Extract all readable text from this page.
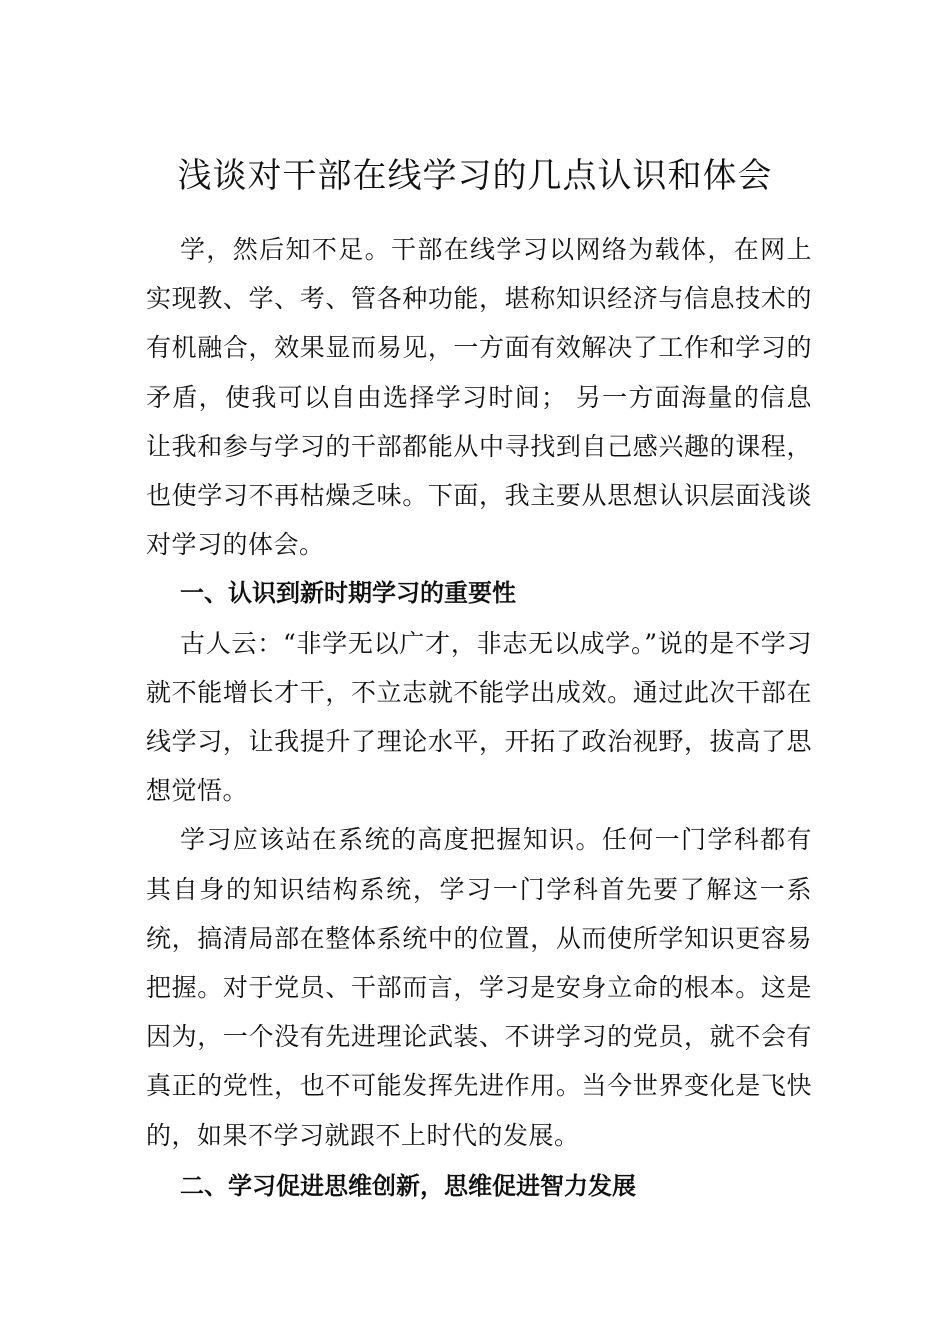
浅谈对干部在线学习的几点认识和体会

学，然后知不足。干部在线学习以网络为载体，在网上实现教、学、考、管各种功能，堪称知识经济与信息技术的有机融合，效果显而易见，一方面有效解决了工作和学习的矛盾，使我可以自由选择学习时间； 另一方面海量的信息让我和参与学习的干部都能从中寻找到自己感兴趣的课程，也使学习不再枯燥乏味。下面，我主要从思想认识层面浅谈对学习的体会。

一、认识到新时期学习的重要性

古人云：“非学无以广才，非志无以成学。”说的是不学习就不能增长才干，不立志就不能学出成效。通过此次干部在线学习，让我提升了理论水平，开拓了政治视野，拔高了思想觉悟。

学习应该站在系统的高度把握知识。任何一门学科都有其自身的知识结构系统，学习一门学科首先要了解这一系统，搞清局部在整体系统中的位置，从而使所学知识更容易把握。对于党员、干部而言，学习是安身立命的根本。这是因为，一个没有先进理论武装、不讲学习的党员，就不会有真正的党性，也不可能发挥先进作用。当今世界变化是飞快的，如果不学习就跟不上时代的发展。

二、学习促进思维创新，思维促进智力发展
